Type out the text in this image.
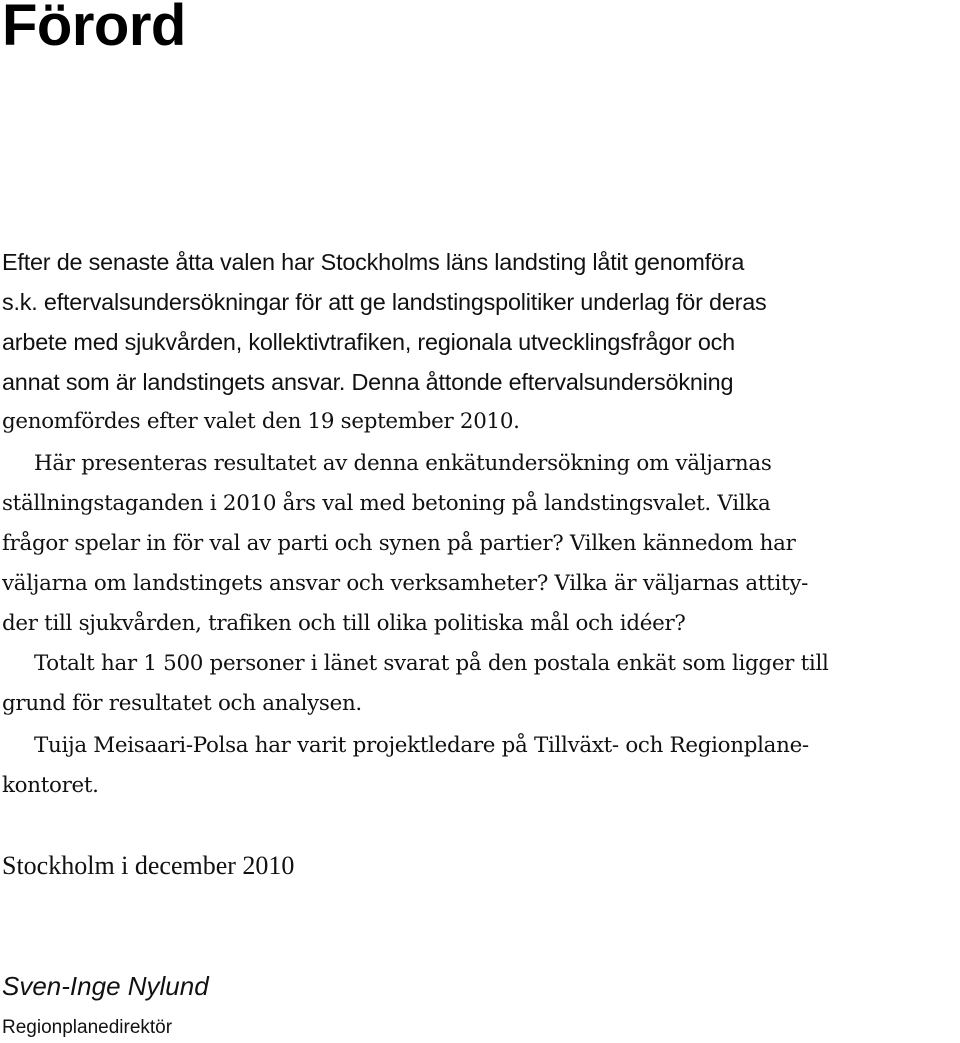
Förord

Efter de senaste åtta valen har Stockholms läns landsting låtit genomföra

s.k. eftervalsundersökningar för att ge landstingspolitiker underlag för deras

arbete med sjukvården, kollektivtrafiken, regionala utvecklingsfrågor och

annat som är landstingets ansvar. Denna åttonde eftervalsundersökning

genomfördes efter valet den 19 september 2010.

Här presenteras resultatet av denna enkätundersökning om väljarnas

ställningstaganden i 2010 års val med betoning på landstingsvalet. Vilka

frågor spelar in för val av parti och synen på partier? Vilken kännedom har

väljarna om landstingets ansvar och verksamheter? Vilka är väljarnas attity-

der till sjukvården, trafiken och till olika politiska mål och idéer?

Totalt har 1 500 personer i länet svarat på den postala enkät som ligger till

grund för resultatet och analysen.

Tuija Meisaari-Polsa har varit projektledare på Tillväxt- och Regionplane-

kontoret.

Stockholm i december 2010

Sven-Inge Nylund

Regionplanedirektör
